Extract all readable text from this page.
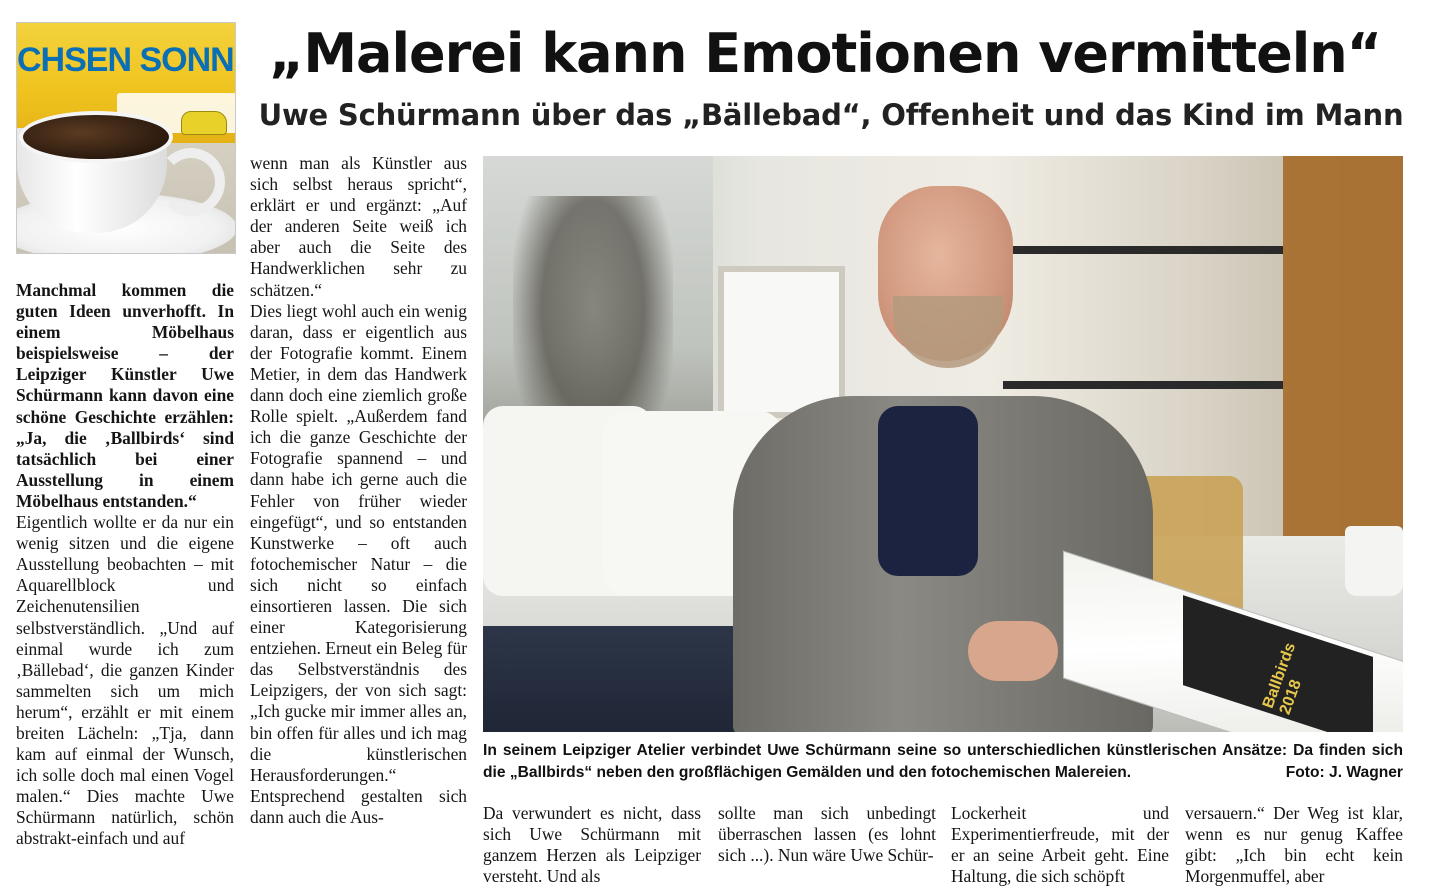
CHSEN SONN „Malerei kann Emotionen vermitteln“
Uwe Schürmann über das „Bällebad“, Offenheit und das Kind im Mann

Manchmal kommen die guten Ideen unverhofft. In einem Möbelhaus beispielsweise – der Leipziger Künstler Uwe Schürmann kann davon eine schöne Geschichte erzählen: „Ja, die ‚Ballbirds‘ sind tatsächlich bei einer Ausstellung in einem Möbelhaus entstanden.“

Eigentlich wollte er da nur ein wenig sitzen und die eigene Ausstellung beobachten – mit Aquarellblock und Zeichenutensilien selbstverständlich. „Und auf einmal wurde ich zum ‚Bällebad‘, die ganzen Kinder sammelten sich um mich herum“, erzählt er mit einem breiten Lächeln: „Tja, dann kam auf einmal der Wunsch, ich solle doch mal einen Vogel malen.“ Dies machte Uwe Schürmann natürlich, schön abstrakt-einfach und auf

wenn man als Künstler aus sich selbst heraus spricht“, erklärt er und ergänzt: „Auf der anderen Seite weiß ich aber auch die Seite des Handwerklichen sehr zu schätzen.“

Dies liegt wohl auch ein wenig daran, dass er eigentlich aus der Fotografie kommt. Einem Metier, in dem das Handwerk dann doch eine ziemlich große Rolle spielt. „Außerdem fand ich die ganze Geschichte der Fotografie spannend – und dann habe ich gerne auch die Fehler von früher wieder eingefügt“, und so entstanden Kunstwerke – oft auch fotochemischer Natur – die sich nicht so einfach einsortieren lassen. Die sich einer Kategorisierung entziehen. Erneut ein Beleg für das Selbstverständnis des Leipzigers, der von sich sagt: „Ich gucke mir immer alles an, bin offen für alles und ich mag die künstlerischen Herausforderungen.“

Entsprechend gestalten sich dann auch die Aus-

Ballbirds 2018

In seinem Leipziger Atelier verbindet Uwe Schürmann seine so unterschiedlichen künstlerischen Ansätze: Da finden sich die „Ballbirds“ neben den großflächigen Gemälden und den fotochemischen Malereien.	Foto: J. Wagner

Da verwundert es nicht, dass sich Uwe Schürmann mit ganzem Herzen als Leipziger versteht. Und als

sollte man sich unbedingt überraschen lassen (es lohnt sich ...). Nun wäre Uwe Schür-

Lockerheit und Experimentierfreude, mit der er an seine Arbeit geht. Eine Haltung, die sich schöpft

versauern.“ Der Weg ist klar, wenn es nur genug Kaffee gibt: „Ich bin echt kein Morgenmuffel, aber
